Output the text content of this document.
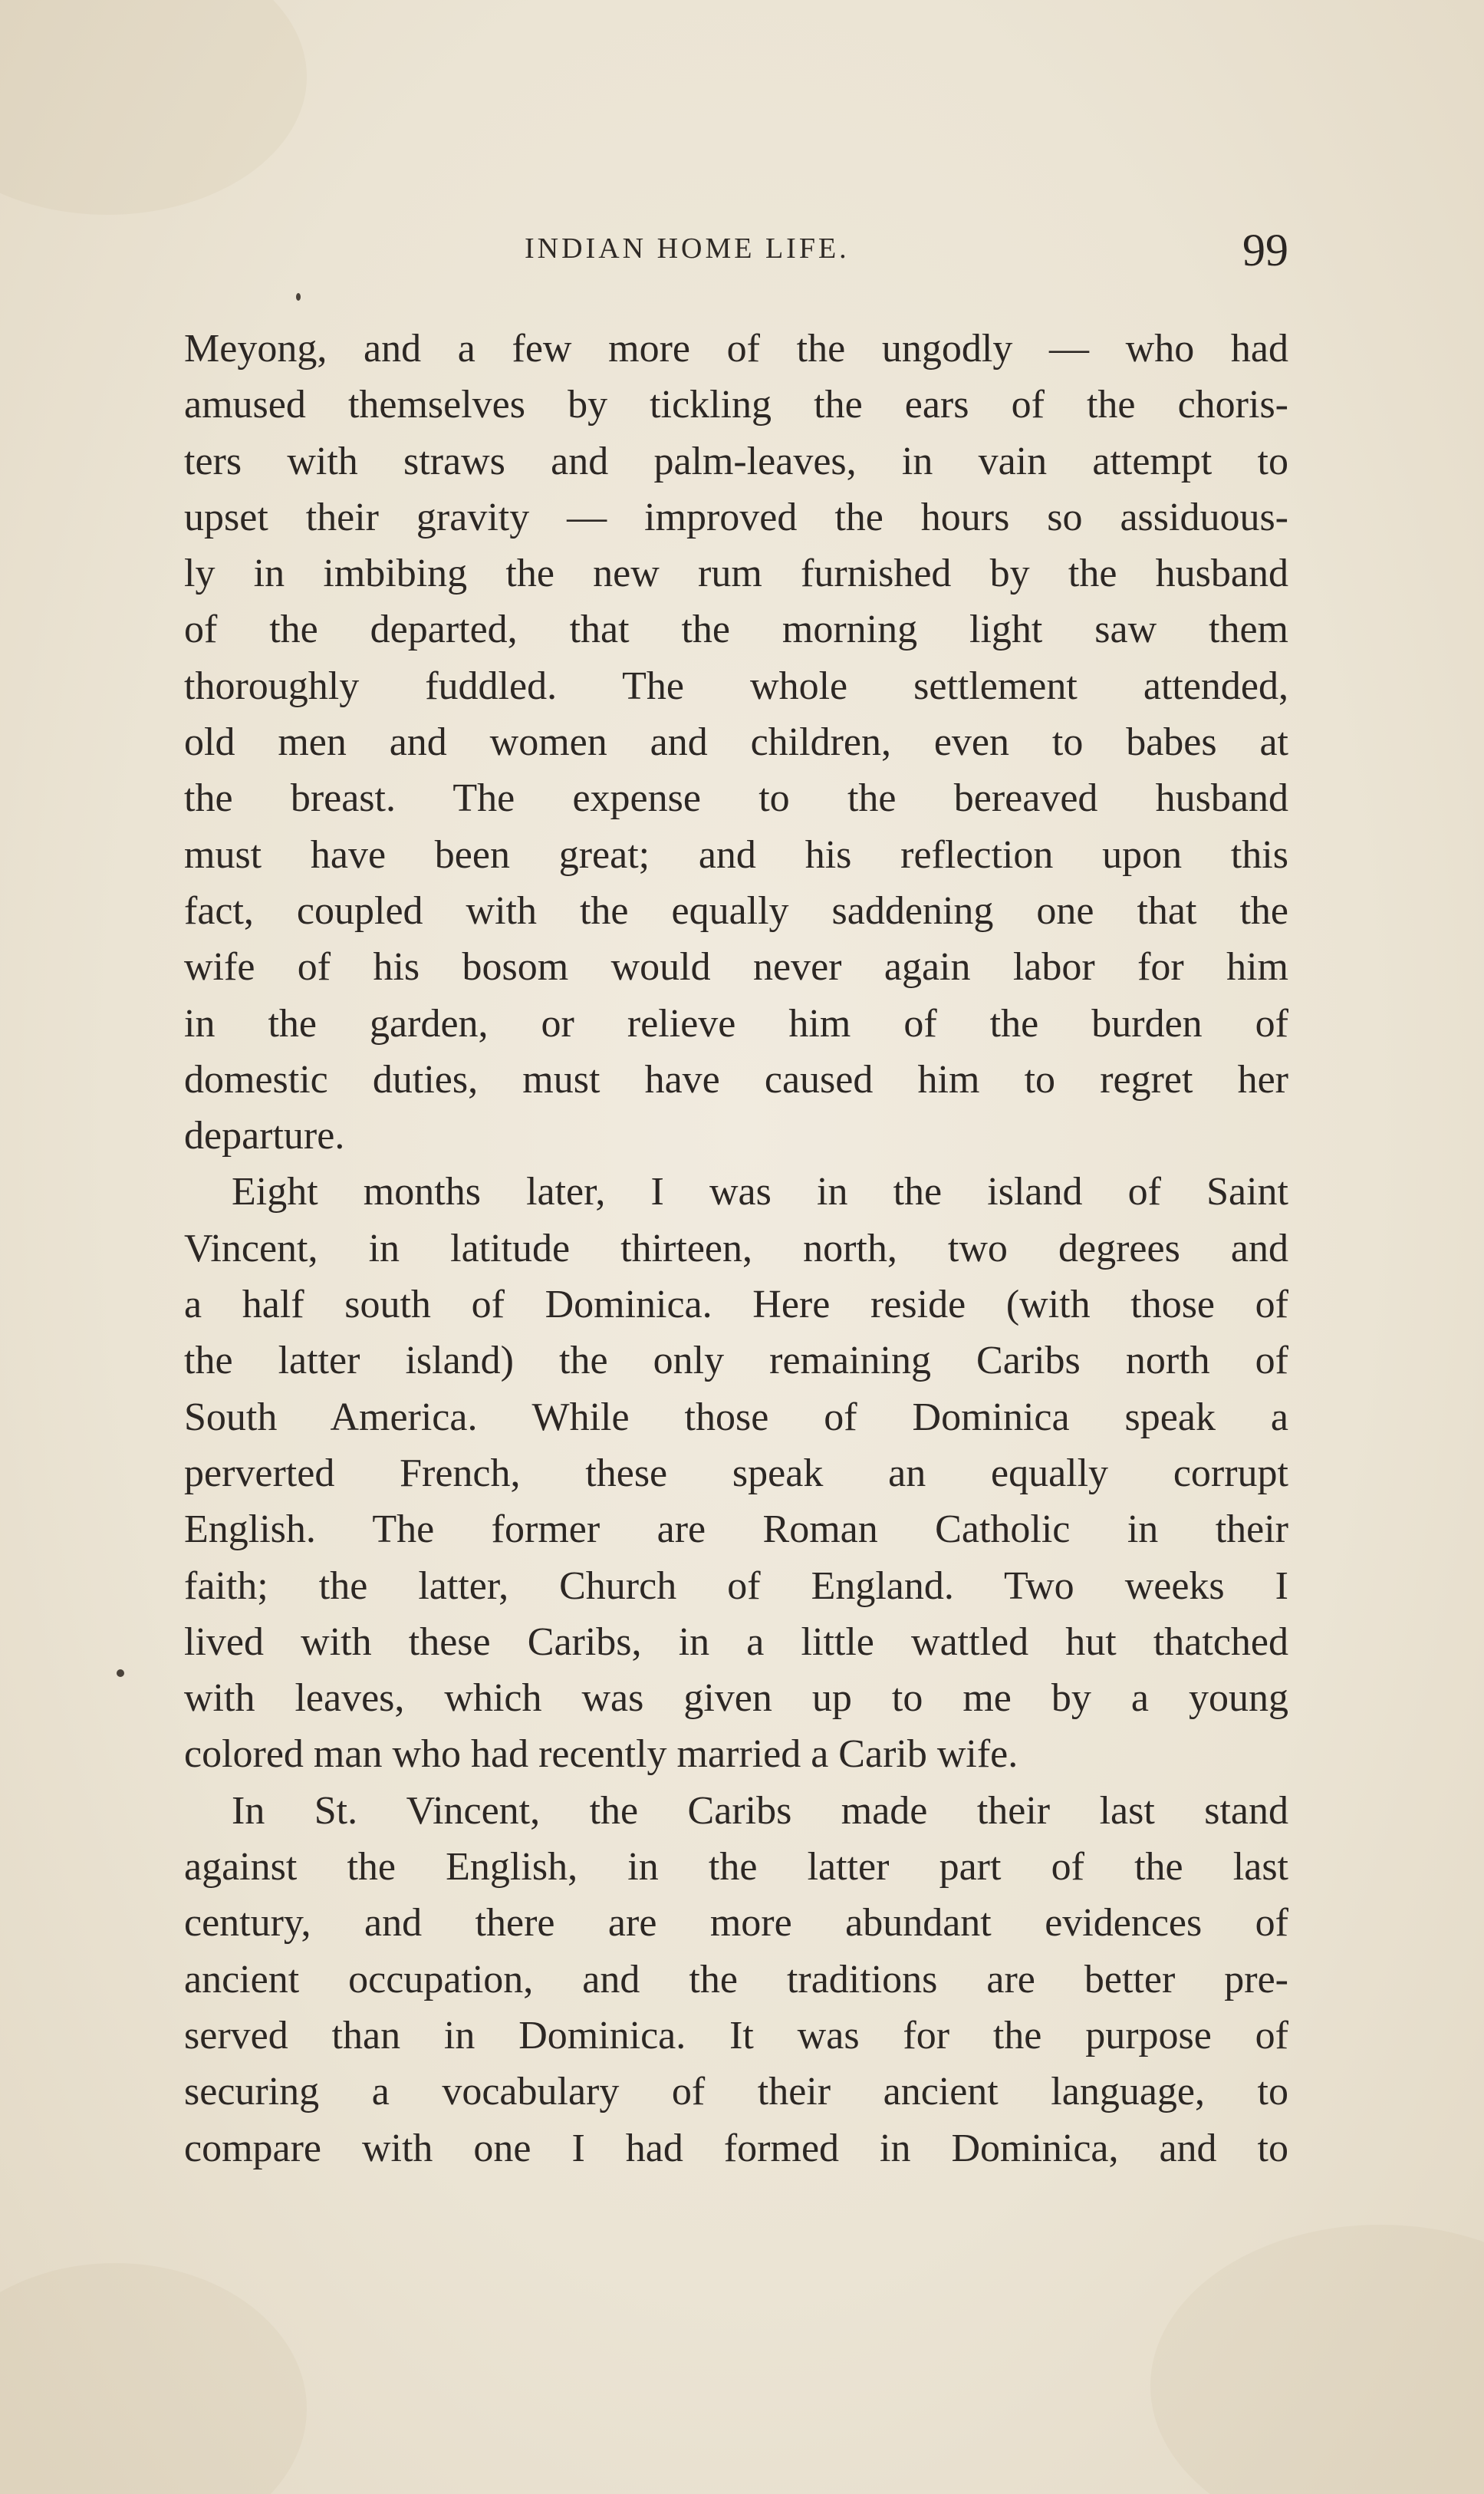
INDIAN HOME LIFE.	99
Meyong, and a few more of the ungodly — who had
amused themselves by tickling the ears of the choris-
ters with straws and palm-leaves, in vain attempt to
upset their gravity — improved the hours so assiduous-
ly in imbibing the new rum furnished by the husband
of the departed, that the morning light saw them
thoroughly fuddled. The whole settlement attended,
old men and women and children, even to babes at
the breast. The expense to the bereaved husband
must have been great; and his reflection upon this
fact, coupled with the equally saddening one that the
wife of his bosom would never again labor for him
in the garden, or relieve him of the burden of
domestic duties, must have caused him to regret her
departure.
Eight months later, I was in the island of Saint
Vincent, in latitude thirteen, north, two degrees and
a half south of Dominica. Here reside (with those of
the latter island) the only remaining Caribs north of
South America. While those of Dominica speak a
perverted French, these speak an equally corrupt
English. The former are Roman Catholic in their
faith; the latter, Church of England. Two weeks I
lived with these Caribs, in a little wattled hut thatched
with leaves, which was given up to me by a young
colored man who had recently married a Carib wife.
In St. Vincent, the Caribs made their last stand
against the English, in the latter part of the last
century, and there are more abundant evidences of
ancient occupation, and the traditions are better pre-
served than in Dominica. It was for the purpose of
securing a vocabulary of their ancient language, to
compare with one I had formed in Dominica, and to
